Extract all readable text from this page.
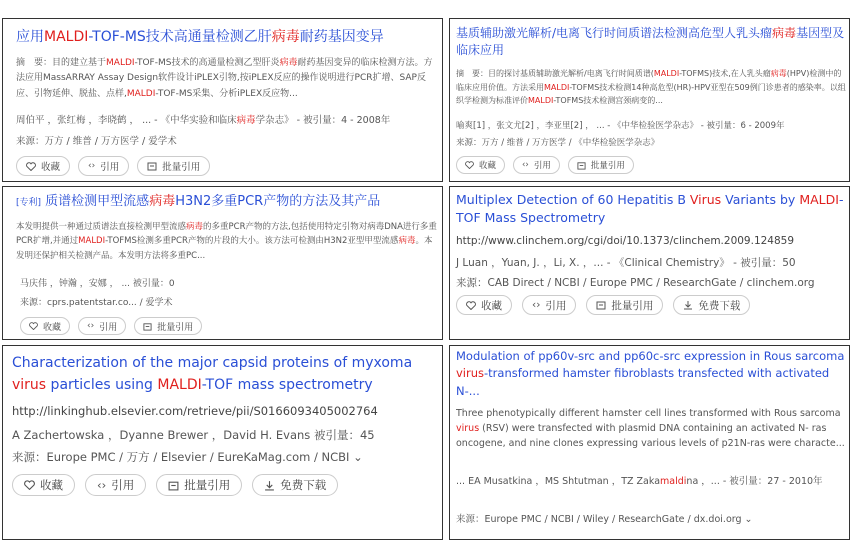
应用MALDI-TOF-MS技术高通量检测乙肝病毒耐药基因变异
摘　要：目的建立基于MALDI-TOF-MS技术的高通量检测乙型肝炎病毒耐药基因变异的临床检测方法。方法应用MassARRAY Assay Design软件设计iPLEX引物,按iPLEX反应的操作说明进行PCR扩增、SAP反应、引物延伸、脱盐、点样,MALDI-TOF-MS采集、分析iPLEX反应物...
周伯平 ，张红梅 ，李晓鹤 ， ... - 《中华实验和临床病毒学杂志》 - 被引量：4 - 2008年
来源：万方 / 维普 / 万方医学 / 爱学术
收藏	‹› 引用	批量引用
基质辅助激光解析/电离飞行时间质谱法检测高危型人乳头瘤病毒基因型及临床应用
摘　要：目的探讨基质辅助激光解析/电离飞行时间质谱(MALDI-TOFMS)技术,在人乳头瘤病毒(HPV)检测中的临床应用价值。方法采用MALDI-TOFMS技术检测14种高危型(HR)-HPV亚型在509例门诊患者的感染率。以组织学检测为标准评价MALDI-TOFMS技术检测宫颈病变的...
喻爽[1] ，张文尤[2] ，李亚里[2] ， ... - 《中华检验医学杂志》 - 被引量：6 - 2009年
来源：万方 / 维普 / 万方医学 / 《中华检验医学杂志》
收藏	‹› 引用	批量引用
[专利] 质谱检测甲型流感病毒H3N2多重PCR产物的方法及其产品
本发明提供一种通过质谱法直接检测甲型流感病毒的多重PCR产物的方法,包括使用特定引物对病毒DNA进行多重PCR扩增,并通过MALDI-TOFMS检测多重PCR产物的片段的大小。该方法可检测由H3N2亚型甲型流感病毒。本发明还保护相关检测产品。本发明方法将多重PC...
马庆伟 ，钟瀚 ，安娜 ， ... 被引量：0
来源：cprs.patentstar.co... / 爱学术
收藏	‹› 引用	批量引用
Multiplex Detection of 60 Hepatitis B Virus Variants by MALDI-TOF Mass Spectrometry
http://www.clinchem.org/cgi/doi/10.1373/clinchem.2009.124859
J Luan ，Yuan, J. ，Li, X. ，... - 《Clinical Chemistry》 - 被引量：50
来源：CAB Direct / NCBI / Europe PMC / ResearchGate / clinchem.org
收藏	‹› 引用	批量引用	免费下载
Characterization of the major capsid proteins of myxoma virus particles using MALDI-TOF mass spectrometry
http://linkinghub.elsevier.com/retrieve/pii/S0166093405002764
A Zachertowska ，Dyanne Brewer ，David H. Evans 被引量：45
来源：Europe PMC / 万方 / Elsevier / EureKaMag.com / NCBI ⌄
收藏	‹› 引用	批量引用	免费下载
Modulation of pp60v-src and pp60c-src expression in Rous sarcoma virus-transformed hamster fibroblasts transfected with activated N-...
Three phenotypically different hamster cell lines transformed with Rous sarcoma virus (RSV) were transfected with plasmid DNA containing an activated N- ras oncogene, and nine clones expressing various levels of p21N-ras were characte...
... EA Musatkina ，MS Shtutman ，TZ Zakamaldina ，... - 被引量：27 - 2010年
来源：Europe PMC / NCBI / Wiley / ResearchGate / dx.doi.org ⌄
